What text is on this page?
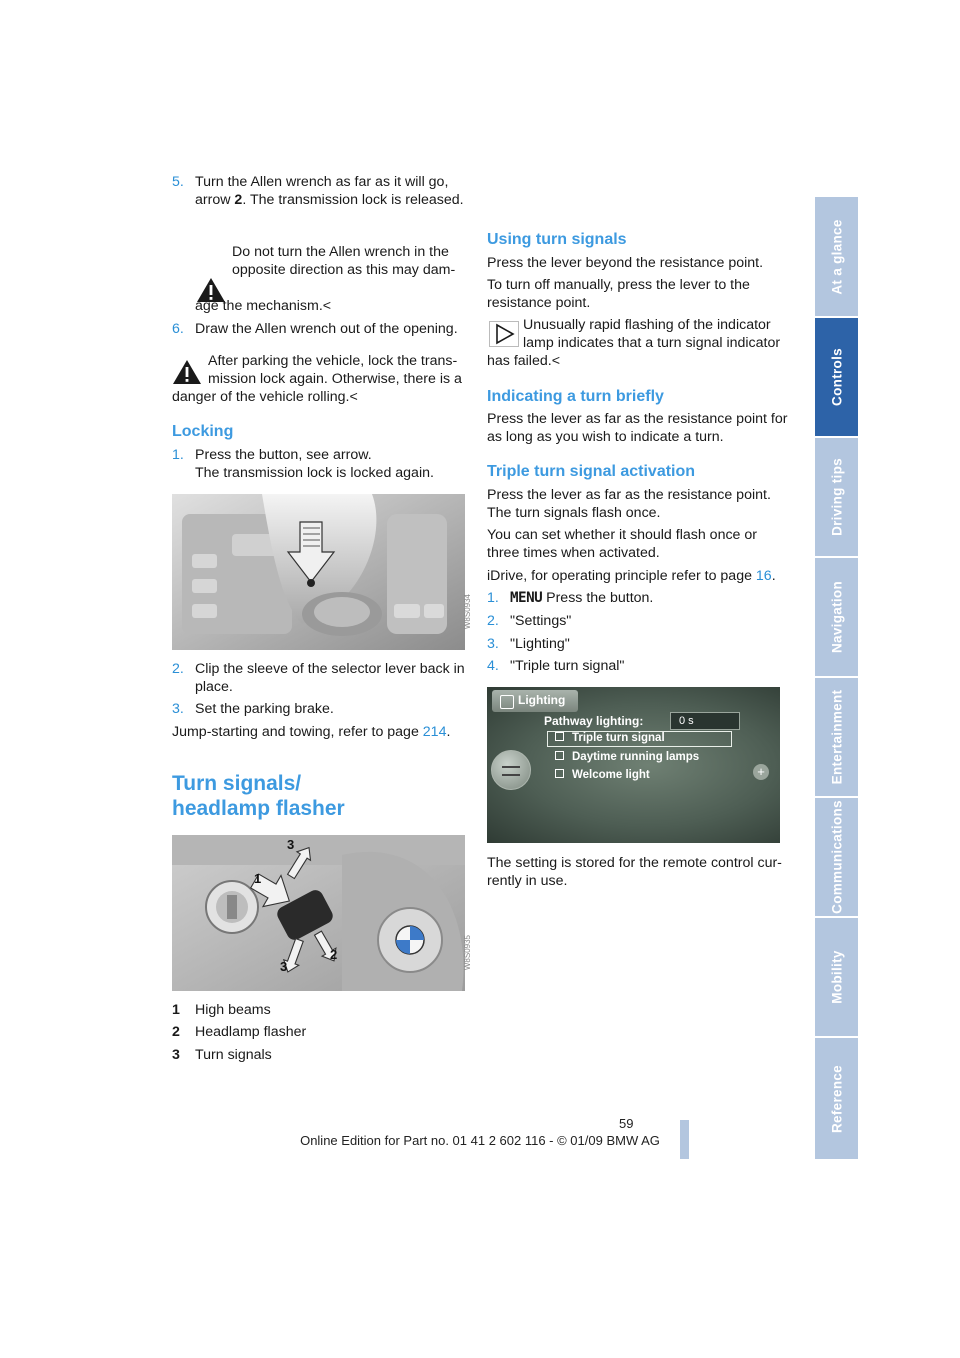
At a glance
Controls
Driving tips
Navigation
Entertainment
Communications
Mobility
Reference
5. Turn the Allen wrench as far as it will go,
arrow 2. The transmission lock is released.
Do not turn the Allen wrench in the
opposite direction as this may dam-
age the mechanism.<
6. Draw the Allen wrench out of the opening.
After parking the vehicle, lock the trans-
mission lock again. Otherwise, there is a
danger of the vehicle rolling.<
Locking
1. Press the button, see arrow.
The transmission lock is locked again.
W8S0934
2. Clip the sleeve of the selector lever back in
place.
3. Set the parking brake.
Jump-starting and towing, refer to page 214.
Turn signals/
headlamp flasher
1
3
3
2	W8S0935
1 High beams
2 Headlamp flasher
3 Turn signals
Using turn signals
Press the lever beyond the resistance point.
To turn off manually, press the lever to the
resistance point.
Unusually rapid flashing of the indicator
lamp indicates that a turn signal indicator
has failed.<
Indicating a turn briefly
Press the lever as far as the resistance point for
as long as you wish to indicate a turn.
Triple turn signal activation
Press the lever as far as the resistance point.
The turn signals flash once.
You can set whether it should flash once or
three times when activated.
iDrive, for operating principle refer to page 16.
1. MENU Press the button.
2. "Settings"
3. "Lighting"
4. "Triple turn signal"
Lighting
+
Pathway lighting:	0 s
Triple turn signal
Daytime running lamps
Welcome light
The setting is stored for the remote control cur-
rently in use.
59
Online Edition for Part no. 01 41 2 602 116 - © 01/09 BMW AG
